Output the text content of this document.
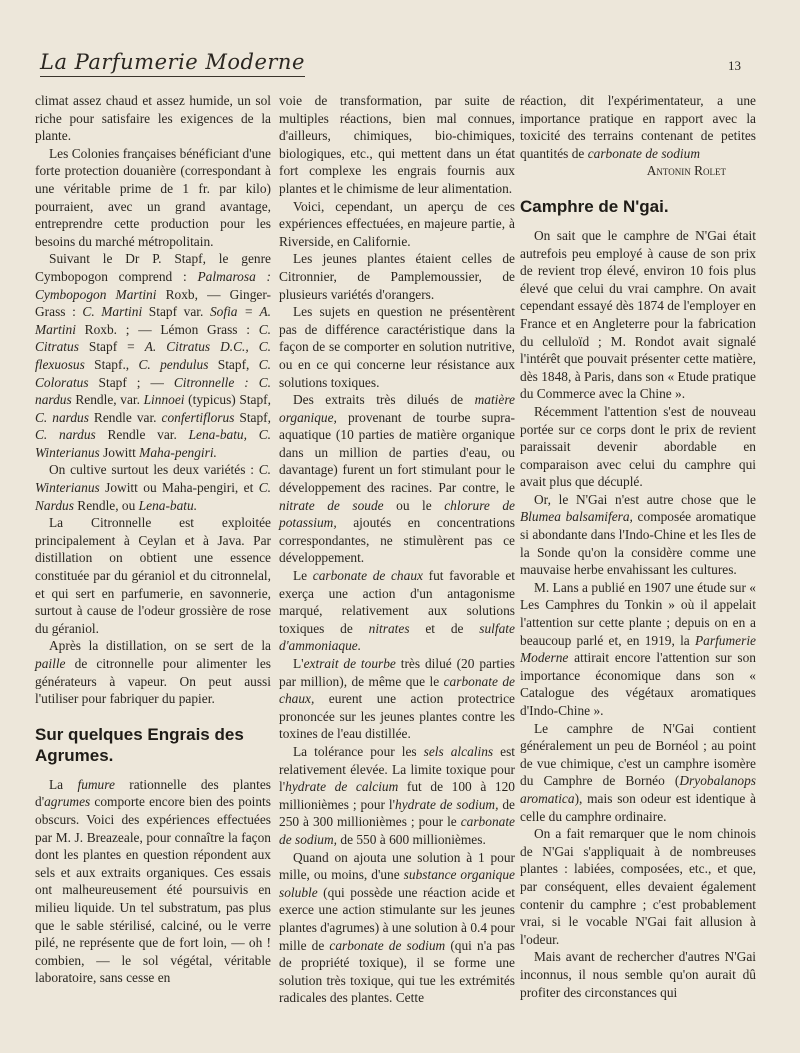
La Parfumerie Moderne	13

climat assez chaud et assez humide, un sol riche pour satisfaire les exigences de la plante.

Les Colonies françaises bénéficiant d'une forte protection douanière (correspondant à une véritable prime de 1 fr. par kilo) pourraient, avec un grand avantage, entreprendre cette production pour les besoins du marché métropolitain.

Suivant le Dr P. Stapf, le genre Cymbopogon comprend : Palmarosa : Cymbopogon Martini Roxb, — Ginger-Grass : C. Martini Stapf var. Sofia = A. Martini Roxb. ; — Lémon Grass : C. Citratus Stapf = A. Citratus D.C., C. flexuosus Stapf., C. pendulus Stapf, C. Coloratus Stapf ; — Citronnelle : C. nardus Rendle, var. Linnoei (typicus) Stapf, C. nardus Rendle var. confertiflorus Stapf, C. nardus Rendle var. Lena-batu, C. Winterianus Jowitt Maha-pengiri.

On cultive surtout les deux variétés : C. Winterianus Jowitt ou Maha-pengiri, et C. Nardus Rendle, ou Lena-batu.

La Citronnelle est exploitée principalement à Ceylan et à Java. Par distillation on obtient une essence constituée par du géraniol et du citronnelal, et qui sert en parfumerie, en savonnerie, surtout à cause de l'odeur grossière de rose du géraniol.

Après la distillation, on se sert de la paille de citronnelle pour alimenter les générateurs à vapeur. On peut aussi l'utiliser pour fabriquer du papier.

Sur quelques Engrais des Agrumes.

La fumure rationnelle des plantes d'agrumes comporte encore bien des points obscurs. Voici des expériences effectuées par M. J. Breazeale, pour connaître la façon dont les plantes en question répondent aux sels et aux extraits organiques. Ces essais ont malheureusement été poursuivis en milieu liquide. Un tel substratum, pas plus que le sable stérilisé, calciné, ou le verre pilé, ne représente que de fort loin, — oh ! combien, — le sol végétal, véritable laboratoire, sans cesse en

voie de transformation, par suite de multiples réactions, bien mal connues, d'ailleurs, chimiques, bio-chimiques, biologiques, etc., qui mettent dans un état fort complexe les engrais fournis aux plantes et le chimisme de leur alimentation.

Voici, cependant, un aperçu de ces expériences effectuées, en majeure partie, à Riverside, en Californie.

Les jeunes plantes étaient celles de Citronnier, de Pamplemoussier, de plusieurs variétés d'orangers.

Les sujets en question ne présentèrent pas de différence caractéristique dans la façon de se comporter en solution nutritive, ou en ce qui concerne leur résistance aux solutions toxiques.

Des extraits très dilués de matière organique, provenant de tourbe supra-aquatique (10 parties de matière organique dans un million de parties d'eau, ou davantage) furent un fort stimulant pour le développement des racines. Par contre, le nitrate de soude ou le chlorure de potassium, ajoutés en concentrations correspondantes, ne stimulèrent pas ce développement.

Le carbonate de chaux fut favorable et exerça une action d'un antagonisme marqué, relativement aux solutions toxiques de nitrates et de sulfate d'ammoniaque.

L'extrait de tourbe très dilué (20 parties par million), de même que le carbonate de chaux, eurent une action protectrice prononcée sur les jeunes plantes contre les toxines de l'eau distillée.

La tolérance pour les sels alcalins est relativement élevée. La limite toxique pour l'hydrate de calcium fut de 100 à 120 millionièmes ; pour l'hydrate de sodium, de 250 à 300 millionièmes ; pour le carbonate de sodium, de 550 à 600 millionièmes.

Quand on ajouta une solution à 1 pour mille, ou moins, d'une substance organique soluble (qui possède une réaction acide et exerce une action stimulante sur les jeunes plantes d'agrumes) à une solution à 0.4 pour mille de carbonate de sodium (qui n'a pas de propriété toxique), il se forme une solution très toxique, qui tue les extrémités radicales des plantes. Cette

réaction, dit l'expérimentateur, a une importance pratique en rapport avec la toxicité des terrains contenant de petites quantités de carbonate de sodium

Antonin Rolet

Camphre de N'gai.

On sait que le camphre de N'Gai était autrefois peu employé à cause de son prix de revient trop élevé, environ 10 fois plus élevé que celui du vrai camphre. On avait cependant essayé dès 1874 de l'employer en France et en Angleterre pour la fabrication du celluloïd ; M. Rondot avait signalé l'intérêt que pouvait présenter cette matière, dès 1848, à Paris, dans son « Etude pratique du Commerce avec la Chine ».

Récemment l'attention s'est de nouveau portée sur ce corps dont le prix de revient paraissait devenir abordable en comparaison avec celui du camphre qui avait plus que décuplé.

Or, le N'Gai n'est autre chose que le Blumea balsamifera, composée aromatique si abondante dans l'Indo-Chine et les Iles de la Sonde qu'on la considère comme une mauvaise herbe envahissant les cultures.

M. Lans a publié en 1907 une étude sur « Les Camphres du Tonkin » où il appelait l'attention sur cette plante ; depuis on en a beaucoup parlé et, en 1919, la Parfumerie Moderne attirait encore l'attention sur son importance économique dans son « Catalogue des végétaux aromatiques d'Indo-Chine ».

Le camphre de N'Gai contient généralement un peu de Bornéol ; au point de vue chimique, c'est un camphre isomère du Camphre de Bornéo (Dryobalanops aromatica), mais son odeur est identique à celle du camphre ordinaire.

On a fait remarquer que le nom chinois de N'Gai s'appliquait à de nombreuses plantes : labiées, composées, etc., et que, par conséquent, elles devaient également contenir du camphre ; c'est probablement vrai, si le vocable N'Gai fait allusion à l'odeur.

Mais avant de rechercher d'autres N'Gai inconnus, il nous semble qu'on aurait dû profiter des circonstances qui
